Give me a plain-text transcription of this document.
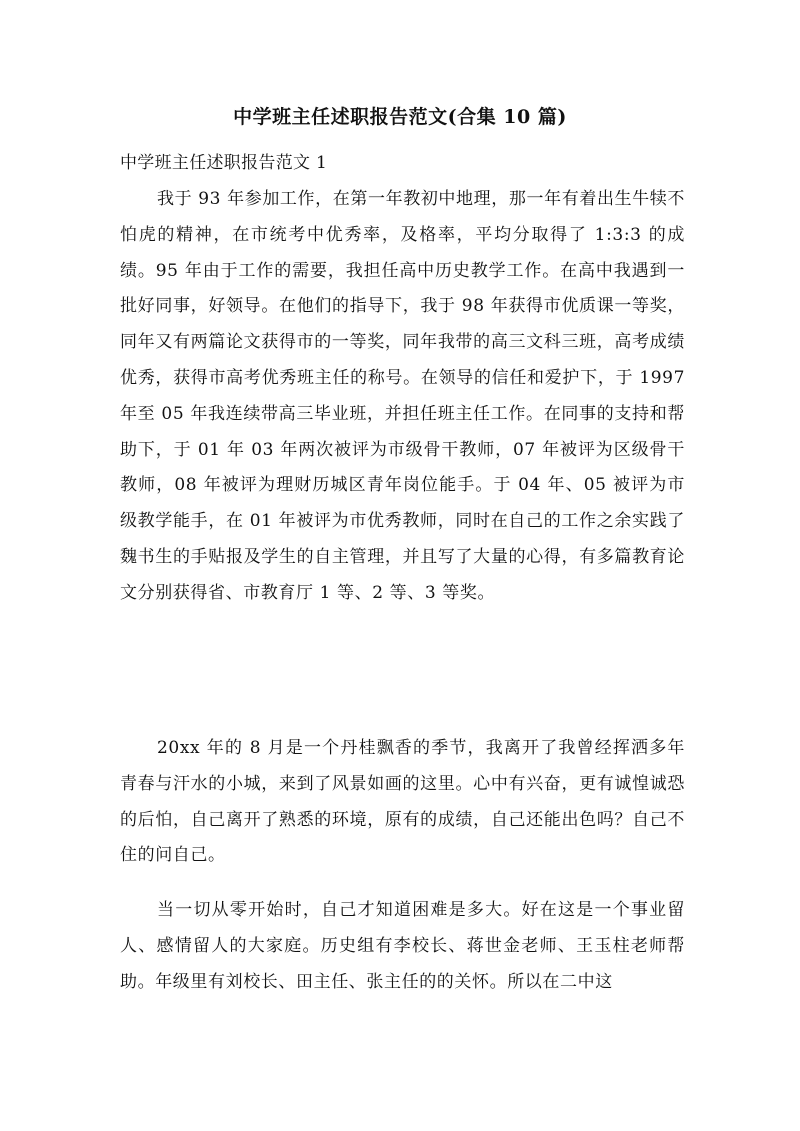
中学班主任述职报告范文(合集 10 篇)
中学班主任述职报告范文 1

我于 93 年参加工作，在第一年教初中地理，那一年有着出生牛犊不怕虎的精神，在市统考中优秀率，及格率，平均分取得了 1:3:3 的成绩。95 年由于工作的需要，我担任高中历史教学工作。在高中我遇到一批好同事，好领导。在他们的指导下，我于 98 年获得市优质课一等奖，同年又有两篇论文获得市的一等奖，同年我带的高三文科三班，高考成绩优秀，获得市高考优秀班主任的称号。在领导的信任和爱护下，于 1997 年至 05 年我连续带高三毕业班，并担任班主任工作。在同事的支持和帮助下，于 01 年 03 年两次被评为市级骨干教师，07 年被评为区级骨干教师，08 年被评为理财历城区青年岗位能手。于 04 年、05 被评为市级教学能手，在 01 年被评为市优秀教师，同时在自己的工作之余实践了魏书生的手贴报及学生的自主管理，并且写了大量的心得，有多篇教育论文分别获得省、市教育厅 1 等、2 等、3 等奖。

20xx 年的 8 月是一个丹桂飘香的季节，我离开了我曾经挥洒多年青春与汗水的小城，来到了风景如画的这里。心中有兴奋，更有诚惶诚恐的后怕，自己离开了熟悉的环境，原有的成绩，自己还能出色吗？自己不住的问自己。

当一切从零开始时，自己才知道困难是多大。好在这是一个事业留人、感情留人的大家庭。历史组有李校长、蒋世金老师、王玉柱老师帮助。年级里有刘校长、田主任、张主任的的关怀。所以在二中这
